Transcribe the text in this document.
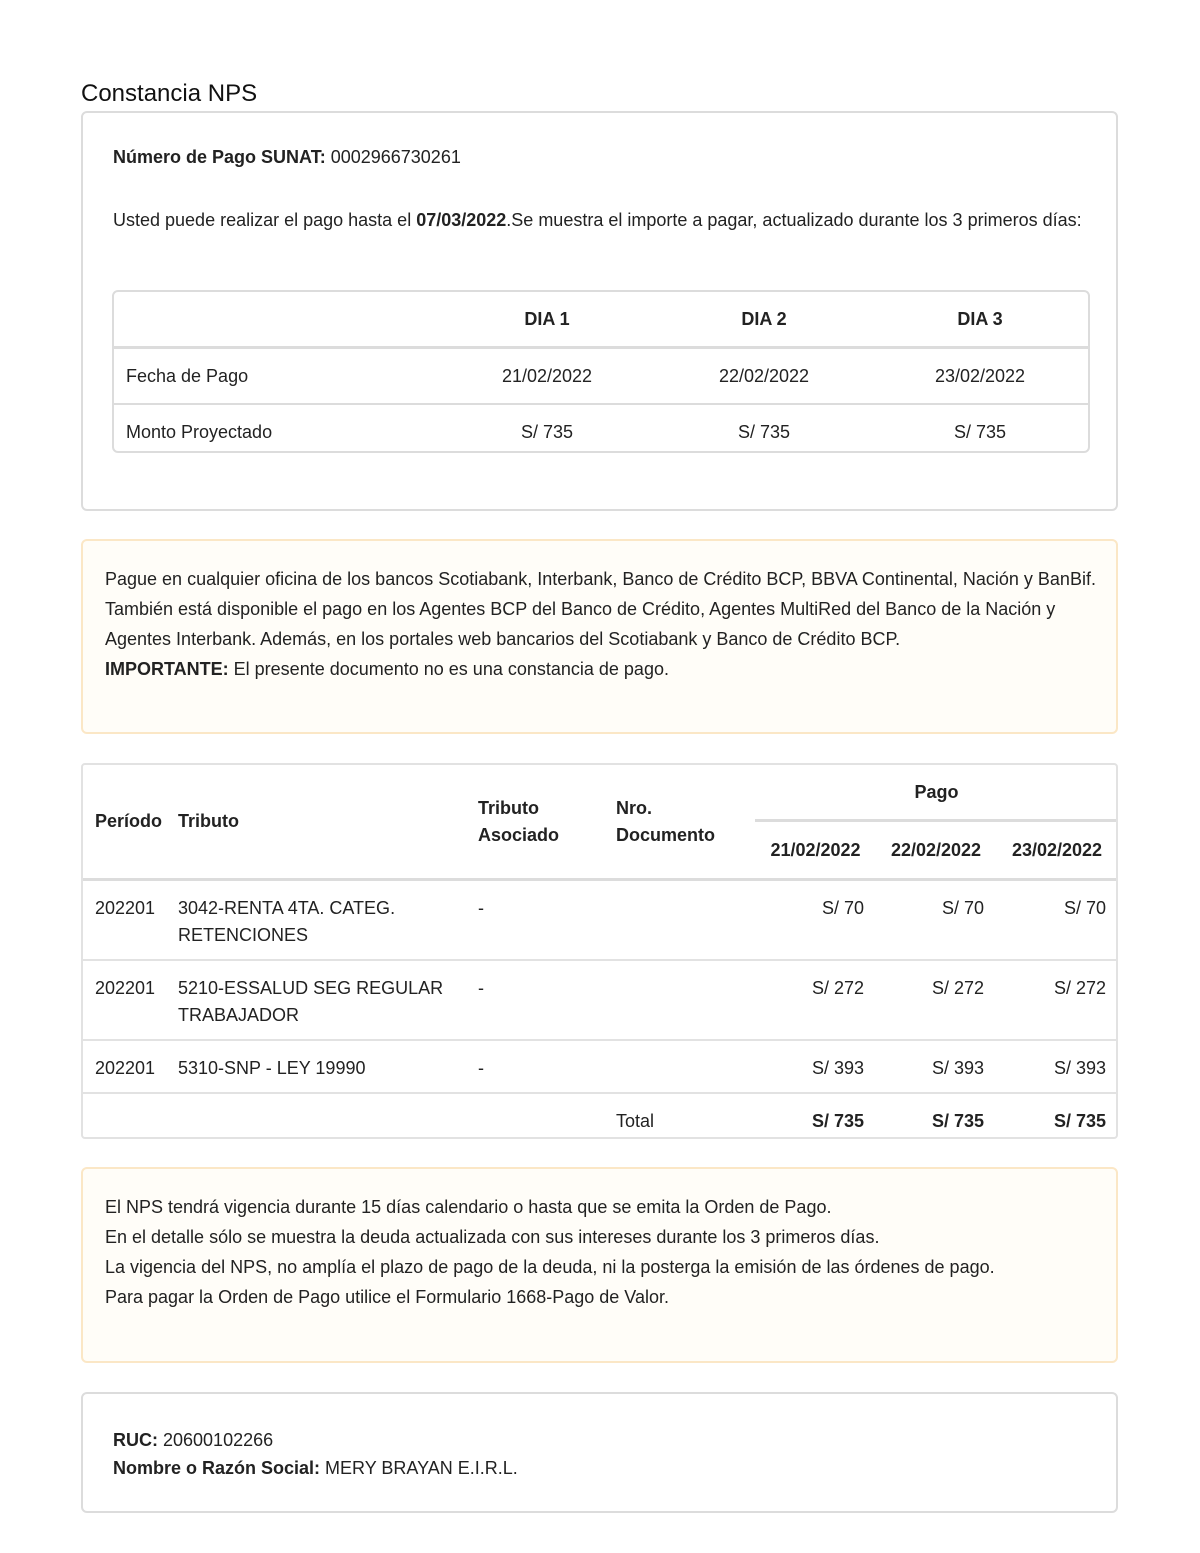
Constancia NPS
Número de Pago SUNAT: 0002966730261
Usted puede realizar el pago hasta el 07/03/2022.Se muestra el importe a pagar, actualizado durante los 3 primeros días:
	DIA 1	DIA 2	DIA 3
Fecha de Pago	21/02/2022	22/02/2022	23/02/2022
Monto Proyectado	S/ 735	S/ 735	S/ 735
Pague en cualquier oficina de los bancos Scotiabank, Interbank, Banco de Crédito BCP, BBVA Continental, Nación y BanBif. También está disponible el pago en los Agentes BCP del Banco de Crédito, Agentes MultiRed del Banco de la Nación y Agentes Interbank. Además, en los portales web bancarios del Scotiabank y Banco de Crédito BCP.
IMPORTANTE: El presente documento no es una constancia de pago.
Período	Tributo	Tributo Asociado	Nro. Documento	Pago		
				21/02/2022	22/02/2022	23/02/2022
202201	3042-RENTA 4TA. CATEG. RETENCIONES	-		S/ 70	S/ 70	S/ 70
202201	5210-ESSALUD SEG REGULAR TRABAJADOR	-		S/ 272	S/ 272	S/ 272
202201	5310-SNP - LEY 19990	-		S/ 393	S/ 393	S/ 393
			Total	S/ 735	S/ 735	S/ 735
El NPS tendrá vigencia durante 15 días calendario o hasta que se emita la Orden de Pago.
En el detalle sólo se muestra la deuda actualizada con sus intereses durante los 3 primeros días.
La vigencia del NPS, no amplía el plazo de pago de la deuda, ni la posterga la emisión de las órdenes de pago.
Para pagar la Orden de Pago utilice el Formulario 1668-Pago de Valor.
RUC: 20600102266
Nombre o Razón Social: MERY BRAYAN E.I.R.L.
